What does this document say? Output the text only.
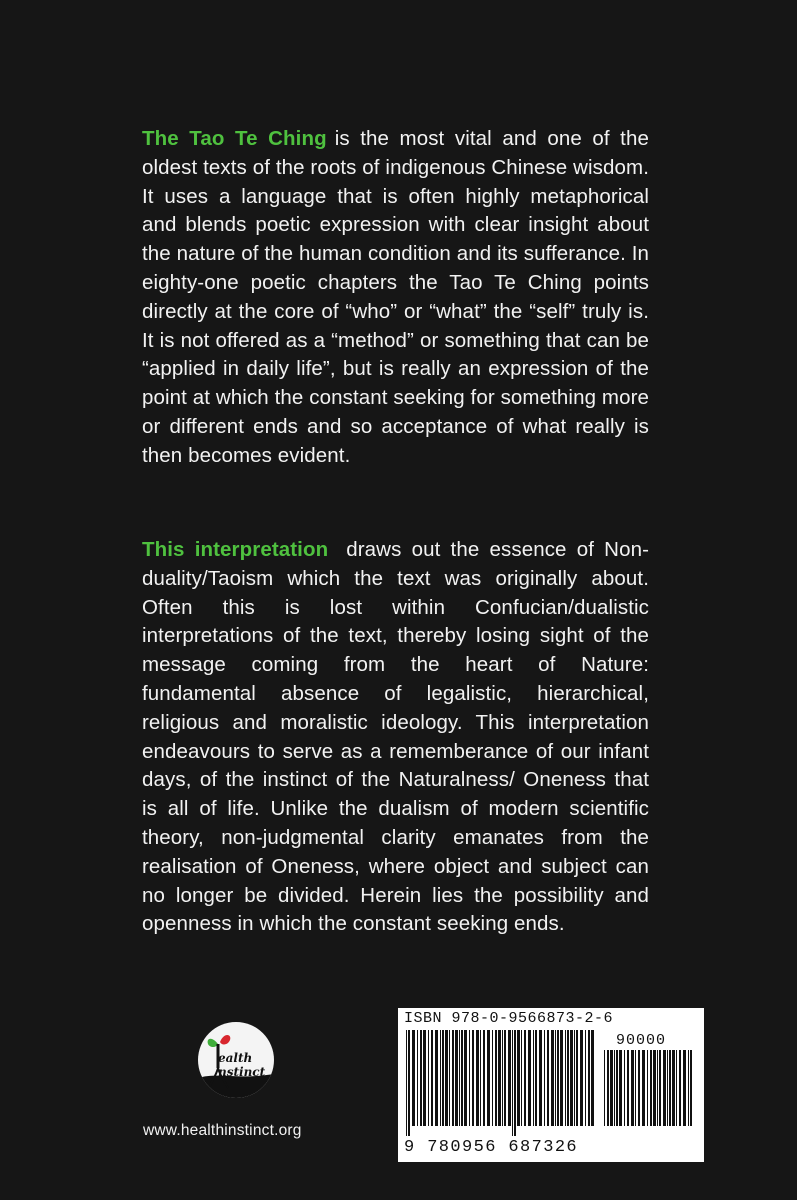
The Tao Te Ching is the most vital and one of the oldest texts of the roots of indigenous Chinese wisdom. It uses a language that is often highly metaphorical and blends poetic expression with clear insight about the nature of the human condition and its sufferance. In eighty-one poetic chapters the Tao Te Ching points directly at the core of “who” or “what” the “self” truly is. It is not offered as a “method” or something that can be “applied in daily life”, but is really an expression of the point at which the constant seeking for something more or different ends and so acceptance of what really is then becomes evident.
This interpretation draws out the essence of Non-duality/Taoism which the text was originally about. Often this is lost within Confucian/dualistic interpretations of the text, thereby losing sight of the message coming from the heart of Nature: fundamental absence of legalistic, hierarchical, religious and moralistic ideology. This interpretation endeavours to serve as a rememberance of our infant days, of the instinct of the Naturalness/ Oneness that is all of life. Unlike the dualism of modern scientific theory, non-judgmental clarity emanates from the realisation of Oneness, where object and subject can no longer be divided. Herein lies the possibility and openness in which the constant seeking ends.
ealth
nstinct
www.healthinstinct.org
ISBN 978-0-9566873-2-6
90000
9 780956 687326
